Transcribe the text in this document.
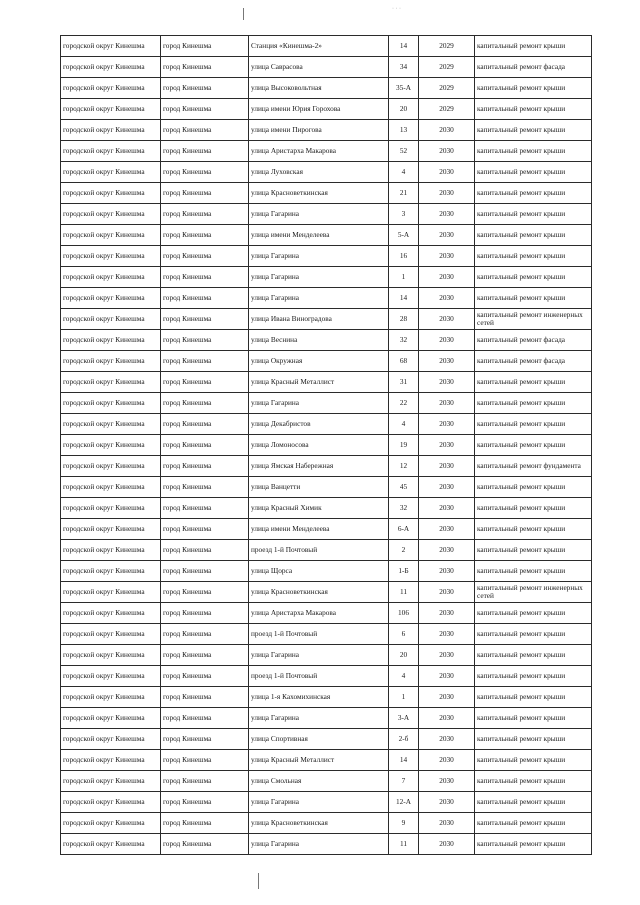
· · ·
городской округ Кинешма	город Кинешма	Станция «Кинешма-2»	14	2029	капитальный ремонт крыши
городской округ Кинешма	город Кинешма	улица Саврасова	34	2029	капитальный ремонт фасада
городской округ Кинешма	город Кинешма	улица Высоковольтная	35-А	2029	капитальный ремонт крыши
городской округ Кинешма	город Кинешма	улица имени Юрия Горохова	20	2029	капитальный ремонт крыши
городской округ Кинешма	город Кинешма	улица имени Пирогова	13	2030	капитальный ремонт крыши
городской округ Кинешма	город Кинешма	улица Аристарха Макарова	52	2030	капитальный ремонт крыши
городской округ Кинешма	город Кинешма	улица Луховская	4	2030	капитальный ремонт крыши
городской округ Кинешма	город Кинешма	улица Красноветкинская	21	2030	капитальный ремонт крыши
городской округ Кинешма	город Кинешма	улица Гагарина	3	2030	капитальный ремонт крыши
городской округ Кинешма	город Кинешма	улица имени Менделеева	5-А	2030	капитальный ремонт крыши
городской округ Кинешма	город Кинешма	улица Гагарина	16	2030	капитальный ремонт крыши
городской округ Кинешма	город Кинешма	улица Гагарина	1	2030	капитальный ремонт крыши
городской округ Кинешма	город Кинешма	улица Гагарина	14	2030	капитальный ремонт крыши
городской округ Кинешма	город Кинешма	улица Ивана Виноградова	28	2030	капитальный ремонт инженерных сетей
городской округ Кинешма	город Кинешма	улица Веснина	32	2030	капитальный ремонт фасада
городской округ Кинешма	город Кинешма	улица Окружная	68	2030	капитальный ремонт фасада
городской округ Кинешма	город Кинешма	улица Красный Металлист	31	2030	капитальный ремонт крыши
городской округ Кинешма	город Кинешма	улица Гагарина	22	2030	капитальный ремонт крыши
городской округ Кинешма	город Кинешма	улица Декабристов	4	2030	капитальный ремонт крыши
городской округ Кинешма	город Кинешма	улица Ломоносова	19	2030	капитальный ремонт крыши
городской округ Кинешма	город Кинешма	улица Ямская Набережная	12	2030	капитальный ремонт фундамента
городской округ Кинешма	город Кинешма	улица Ванцетти	45	2030	капитальный ремонт крыши
городской округ Кинешма	город Кинешма	улица Красный Химик	32	2030	капитальный ремонт крыши
городской округ Кинешма	город Кинешма	улица имени Менделеева	6-А	2030	капитальный ремонт крыши
городской округ Кинешма	город Кинешма	проезд 1-й Почтовый	2	2030	капитальный ремонт крыши
городской округ Кинешма	город Кинешма	улица Щорса	1-Б	2030	капитальный ремонт крыши
городской округ Кинешма	город Кинешма	улица Красноветкинская	11	2030	капитальный ремонт инженерных сетей
городской округ Кинешма	город Кинешма	улица Аристарха Макарова	106	2030	капитальный ремонт крыши
городской округ Кинешма	город Кинешма	проезд 1-й Почтовый	6	2030	капитальный ремонт крыши
городской округ Кинешма	город Кинешма	улица Гагарина	20	2030	капитальный ремонт крыши
городской округ Кинешма	город Кинешма	проезд 1-й Почтовый	4	2030	капитальный ремонт крыши
городской округ Кинешма	город Кинешма	улица 1-я Кахомихинская	1	2030	капитальный ремонт крыши
городской округ Кинешма	город Кинешма	улица Гагарина	3-А	2030	капитальный ремонт крыши
городской округ Кинешма	город Кинешма	улица Спортивная	2-б	2030	капитальный ремонт крыши
городской округ Кинешма	город Кинешма	улица Красный Металлист	14	2030	капитальный ремонт крыши
городской округ Кинешма	город Кинешма	улица Смольная	7	2030	капитальный ремонт крыши
городской округ Кинешма	город Кинешма	улица Гагарина	12-А	2030	капитальный ремонт крыши
городской округ Кинешма	город Кинешма	улица Красноветкинская	9	2030	капитальный ремонт крыши
городской округ Кинешма	город Кинешма	улица Гагарина	11	2030	капитальный ремонт крыши
